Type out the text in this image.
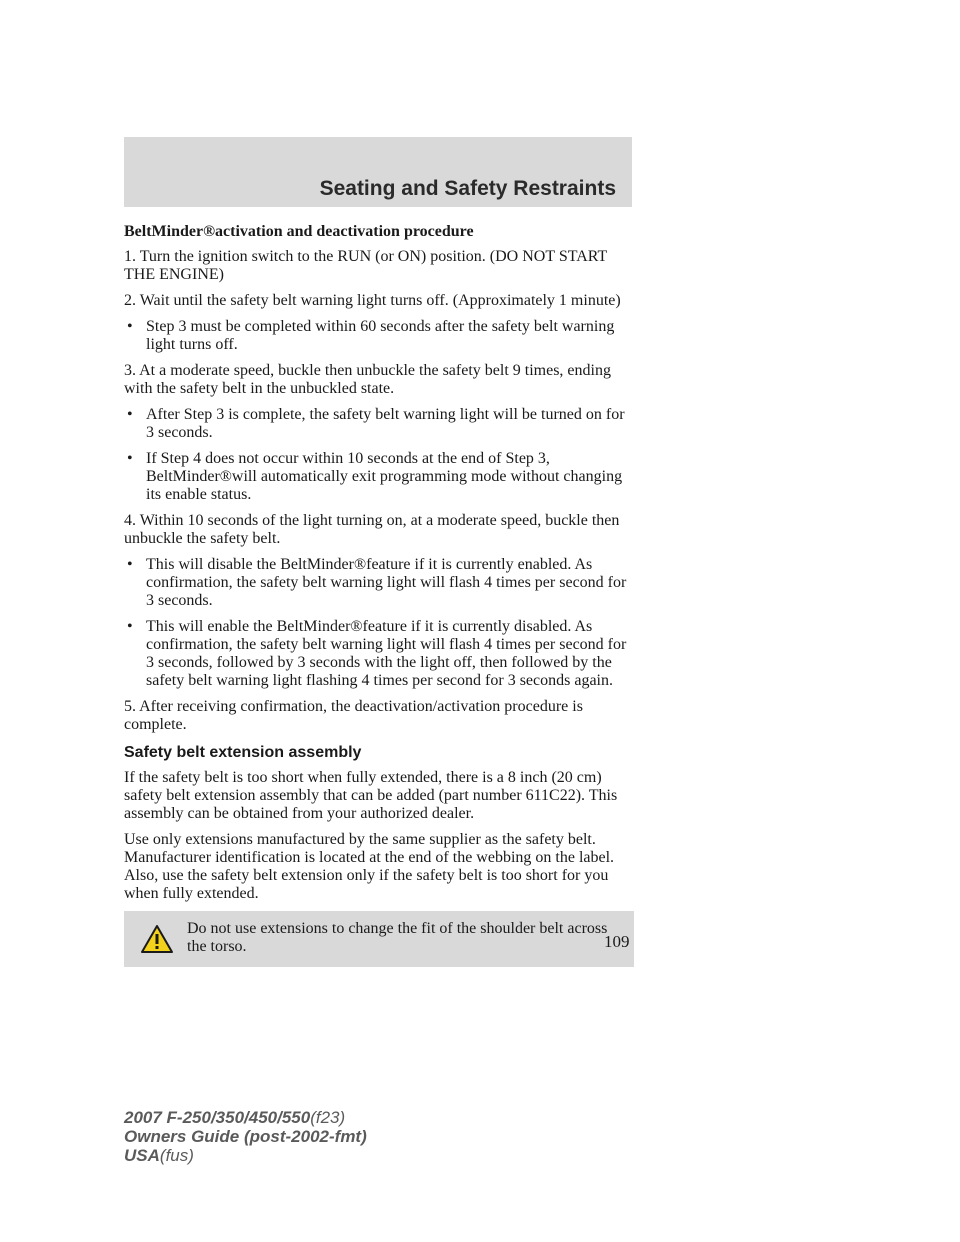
Seating and Safety Restraints

BeltMinder®activation and deactivation procedure

1. Turn the ignition switch to the RUN (or ON) position. (DO NOT START THE ENGINE)

2. Wait until the safety belt warning light turns off. (Approximately 1 minute)

• Step 3 must be completed within 60 seconds after the safety belt warning light turns off.

3. At a moderate speed, buckle then unbuckle the safety belt 9 times, ending with the safety belt in the unbuckled state.

• After Step 3 is complete, the safety belt warning light will be turned on for 3 seconds.
• If Step 4 does not occur within 10 seconds at the end of Step 3, BeltMinder®will automatically exit programming mode without changing its enable status.

4. Within 10 seconds of the light turning on, at a moderate speed, buckle then unbuckle the safety belt.

• This will disable the BeltMinder®feature if it is currently enabled. As confirmation, the safety belt warning light will flash 4 times per second for 3 seconds.
• This will enable the BeltMinder®feature if it is currently disabled. As confirmation, the safety belt warning light will flash 4 times per second for 3 seconds, followed by 3 seconds with the light off, then followed by the safety belt warning light flashing 4 times per second for 3 seconds again.

5. After receiving confirmation, the deactivation/activation procedure is complete.

Safety belt extension assembly

If the safety belt is too short when fully extended, there is a 8 inch (20 cm) safety belt extension assembly that can be added (part number 611C22). This assembly can be obtained from your authorized dealer.

Use only extensions manufactured by the same supplier as the safety belt. Manufacturer identification is located at the end of the webbing on the label. Also, use the safety belt extension only if the safety belt is too short for you when fully extended.

Do not use extensions to change the fit of the shoulder belt across the torso.	109
2007 F-250/350/450/550(f23)
Owners Guide (post-2002-fmt)
USA(fus)
